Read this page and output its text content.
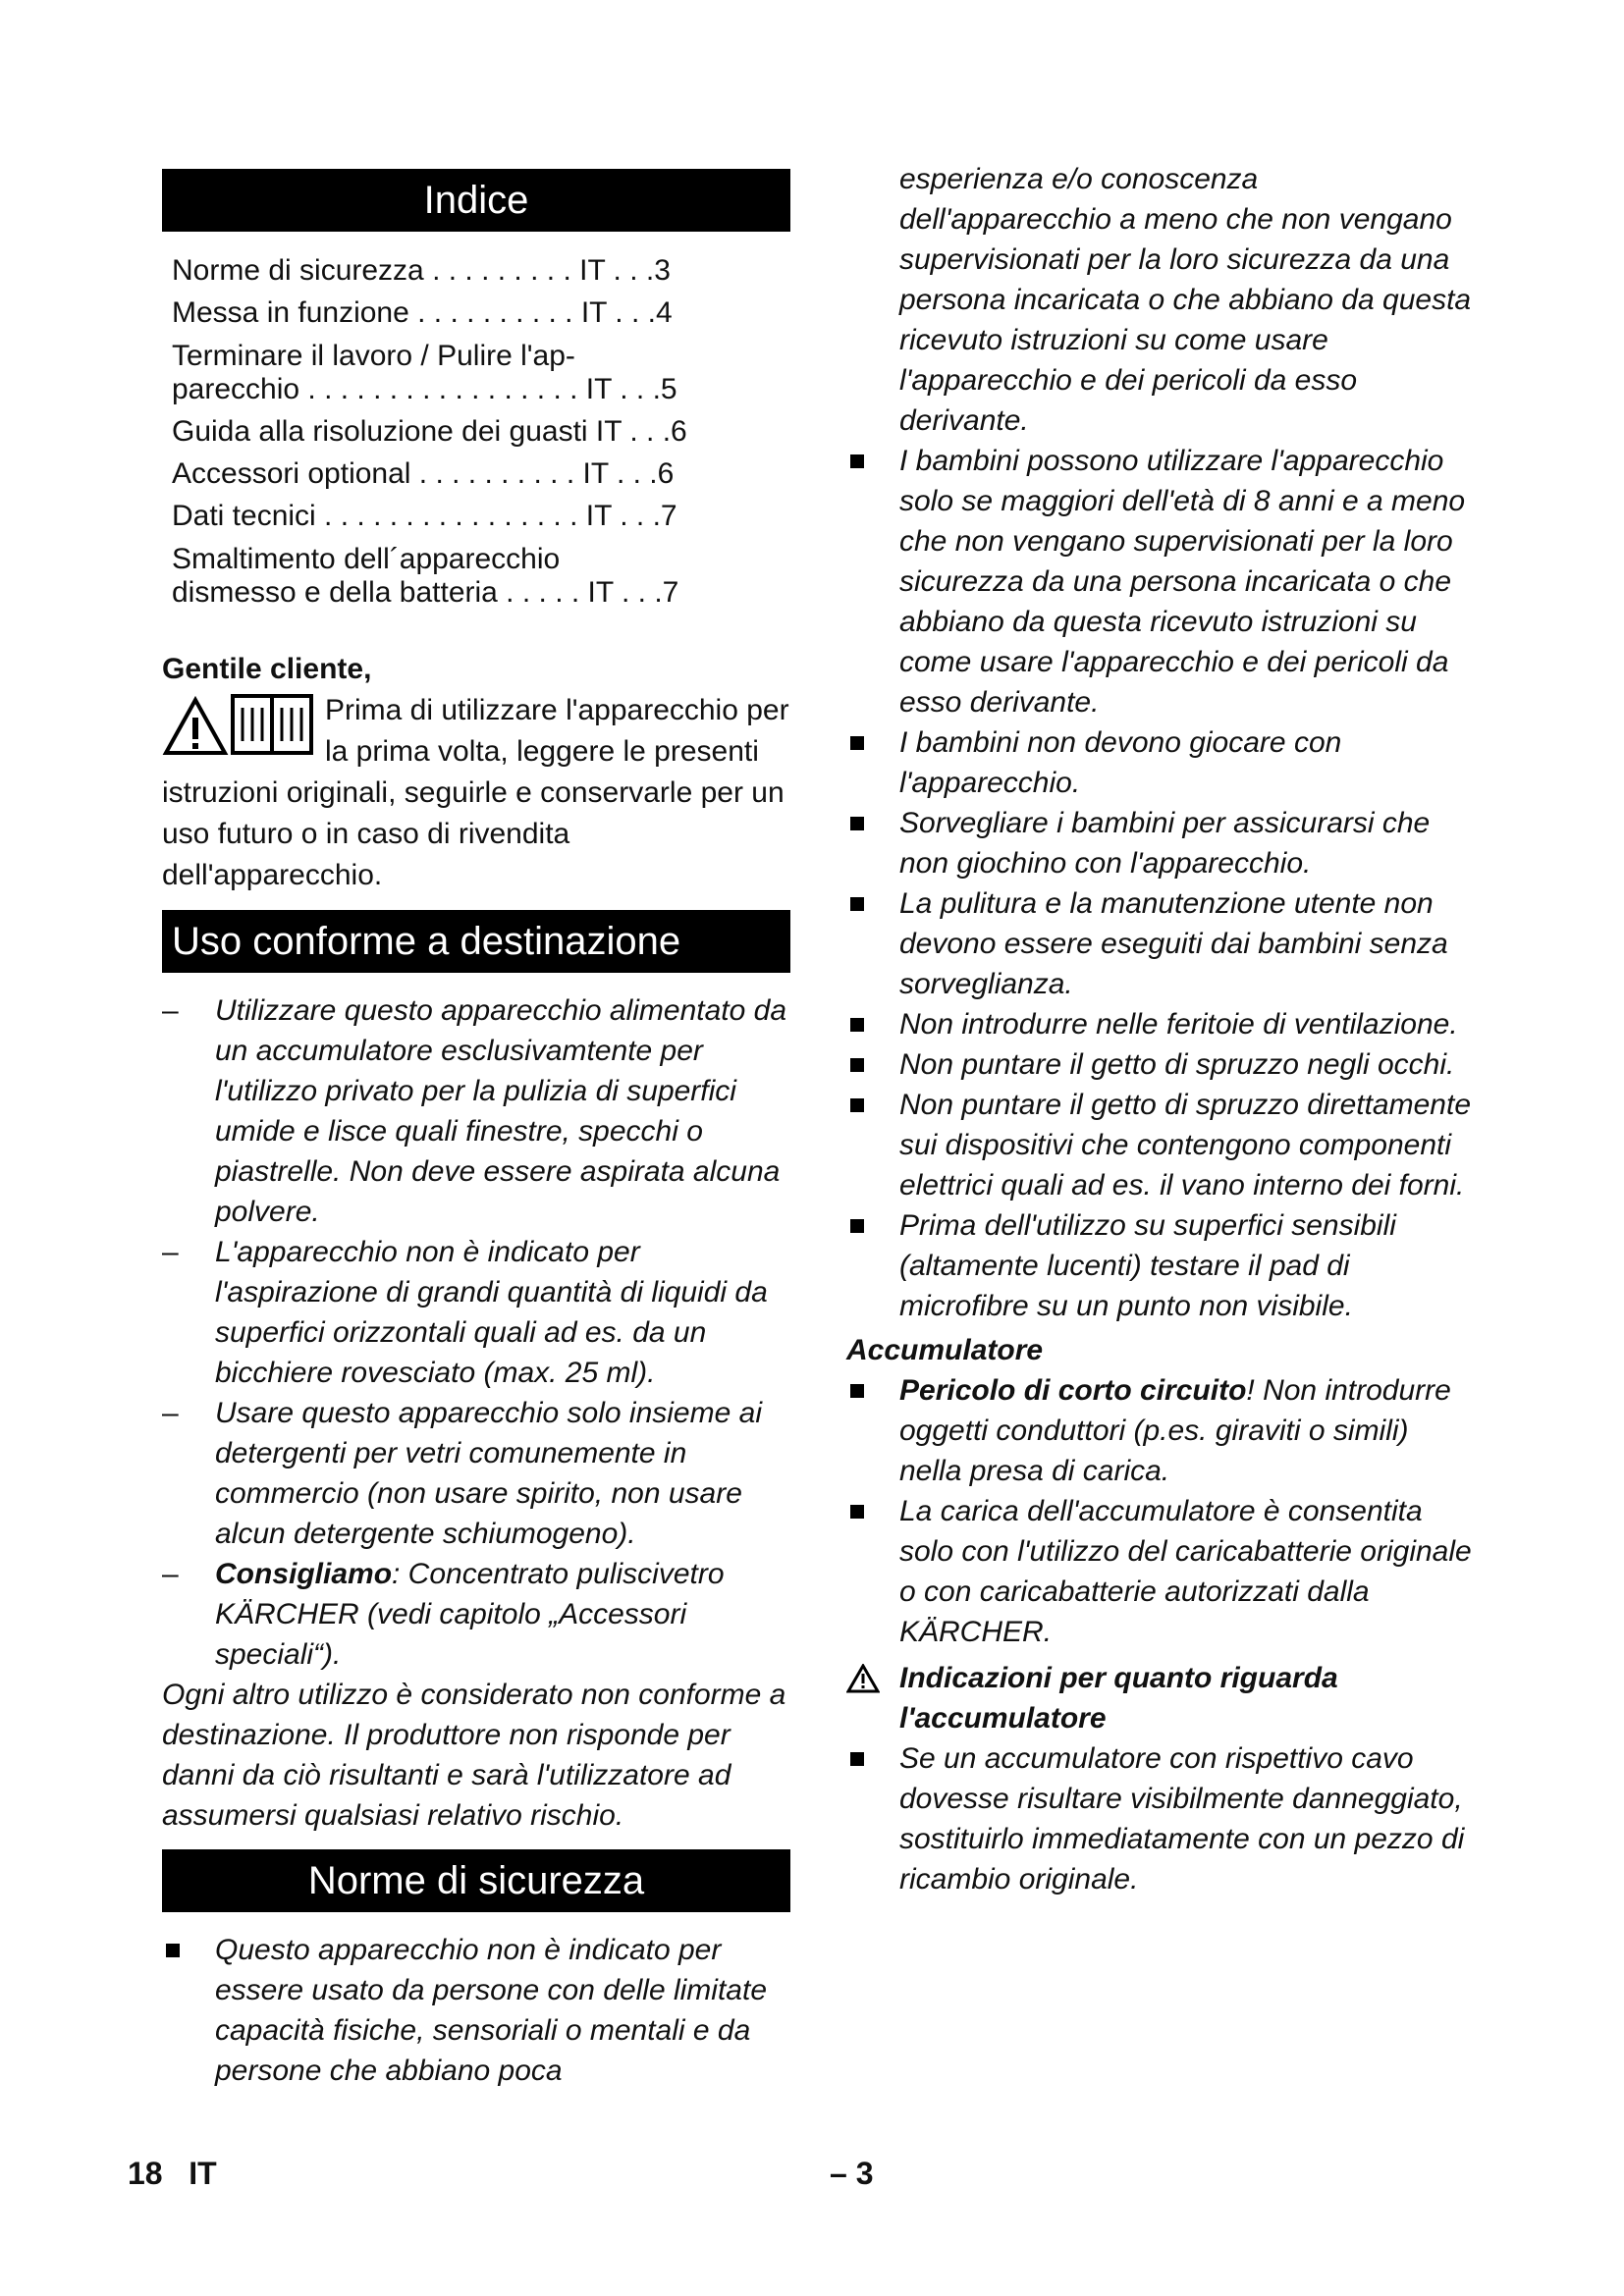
Indice
Norme di sicurezza . . . . . . . . . IT . . .3
Messa in funzione . . . . . . . . . . IT . . .4
Terminare il lavoro / Pulire l'ap-
parecchio . . . . . . . . . . . . . . . . . IT . . .5
Guida alla risoluzione dei guasti IT . . .6
Accessori optional . . . . . . . . . . IT . . .6
Dati tecnici . . . . . . . . . . . . . . . . IT . . .7
Smaltimento dell´apparecchio
dismesso e della batteria . . . . . IT . . .7
Gentile cliente,
Prima di utilizzare l'apparecchio per la prima volta, leggere le presenti istruzioni originali, seguirle e conservarle per un uso futuro o in caso di rivendita dell'apparecchio.
Uso conforme a destinazione
– Utilizzare questo apparecchio alimentato da un accumulatore esclusivamtente per l'utilizzo privato per la pulizia di superfici umide e lisce quali finestre, specchi o piastrelle. Non deve essere aspirata alcuna polvere.
– L'apparecchio non è indicato per l'aspirazione di grandi quantità di liquidi da superfici orizzontali quali ad es. da un bicchiere rovesciato (max. 25 ml).
– Usare questo apparecchio solo insieme ai detergenti per vetri comunemente in commercio (non usare spirito, non usare alcun detergente schiumogeno).
– Consigliamo: Concentrato puliscivetro KÄRCHER (vedi capitolo „Accessori speciali“).

Ogni altro utilizzo è considerato non conforme a destinazione. Il produttore non risponde per danni da ciò risultanti e sarà l'utilizzatore ad assumersi qualsiasi relativo rischio.

Norme di sicurezza
Questo apparecchio non è indicato per essere usato da persone con delle limitate capacità fisiche, sensoriali o mentali e da persone che abbiano poca
esperienza e/o conoscenza dell'apparecchio a meno che non vengano supervisionati per la loro sicurezza da una persona incaricata o che abbiano da questa ricevuto istruzioni su come usare l'apparecchio e dei pericoli da esso derivante.
I bambini possono utilizzare l'apparecchio solo se maggiori dell'età di 8 anni e a meno che non vengano supervisionati per la loro sicurezza da una persona incaricata o che abbiano da questa ricevuto istruzioni su come usare l'apparecchio e dei pericoli da esso derivante.
I bambini non devono giocare con l'apparecchio.
Sorvegliare i bambini per assicurarsi che non giochino con l'apparecchio.
La pulitura e la manutenzione utente non devono essere eseguiti dai bambini senza sorveglianza.
Non introdurre nelle feritoie di ventilazione.
Non puntare il getto di spruzzo negli occhi.
Non puntare il getto di spruzzo direttamente sui dispositivi che contengono componenti elettrici quali ad es. il vano interno dei forni.
Prima dell'utilizzo su superfici sensibili (altamente lucenti) testare il pad di microfibre su un punto non visibile.
Accumulatore
Pericolo di corto circuito! Non introdurre oggetti conduttori (p.es. giraviti o simili) nella presa di carica.
La carica dell'accumulatore è consentita solo con l'utilizzo del caricabatterie originale o con caricabatterie autorizzati dalla KÄRCHER.
Indicazioni per quanto riguarda l'accumulatore
Se un accumulatore con rispettivo cavo dovesse risultare visibilmente danneggiato, sostituirlo immediatamente con un pezzo di ricambio originale.
18 IT	– 3
